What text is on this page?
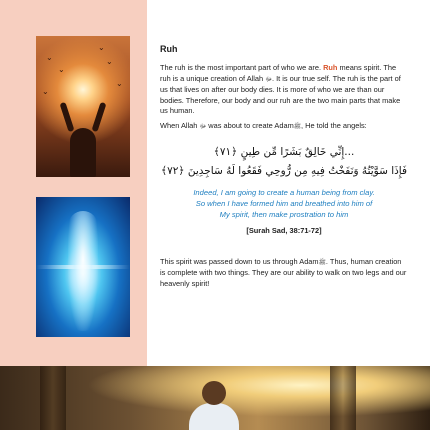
⌄
⌄
⌄
⌄
⌄
⌄	Ruh

The ruh is the most important part of who we are. Ruh means spirit. The ruh is a unique creation of Allah ﷻ. It is our true self. The ruh is the part of us that lives on after our body dies. It is more of who we are than our bodies. Therefore, our body and our ruh are the two main parts that make us human.

When Allah ﷻ was about to create Adamﷺ, He told the angels:

...إِنِّي خَالِقٌ بَشَرًا مِّن طِينٍ ﴿٧١﴾
فَإِذَا سَوَّيْتُهُ وَنَفَخْتُ فِيهِ مِن رُّوحِي فَقَعُوا لَهُ سَاجِدِينَ ﴿٧٢﴾
Indeed, I am going to create a human being from clay.
So when I have formed him and breathed into him of
My spirit, then make prostration to him
[Surah Sad, 38:71-72]

This spirit was passed down to us through Adamﷺ. Thus, human creation is complete with two things. They are our ability to walk on two legs and our heavenly spirit!
